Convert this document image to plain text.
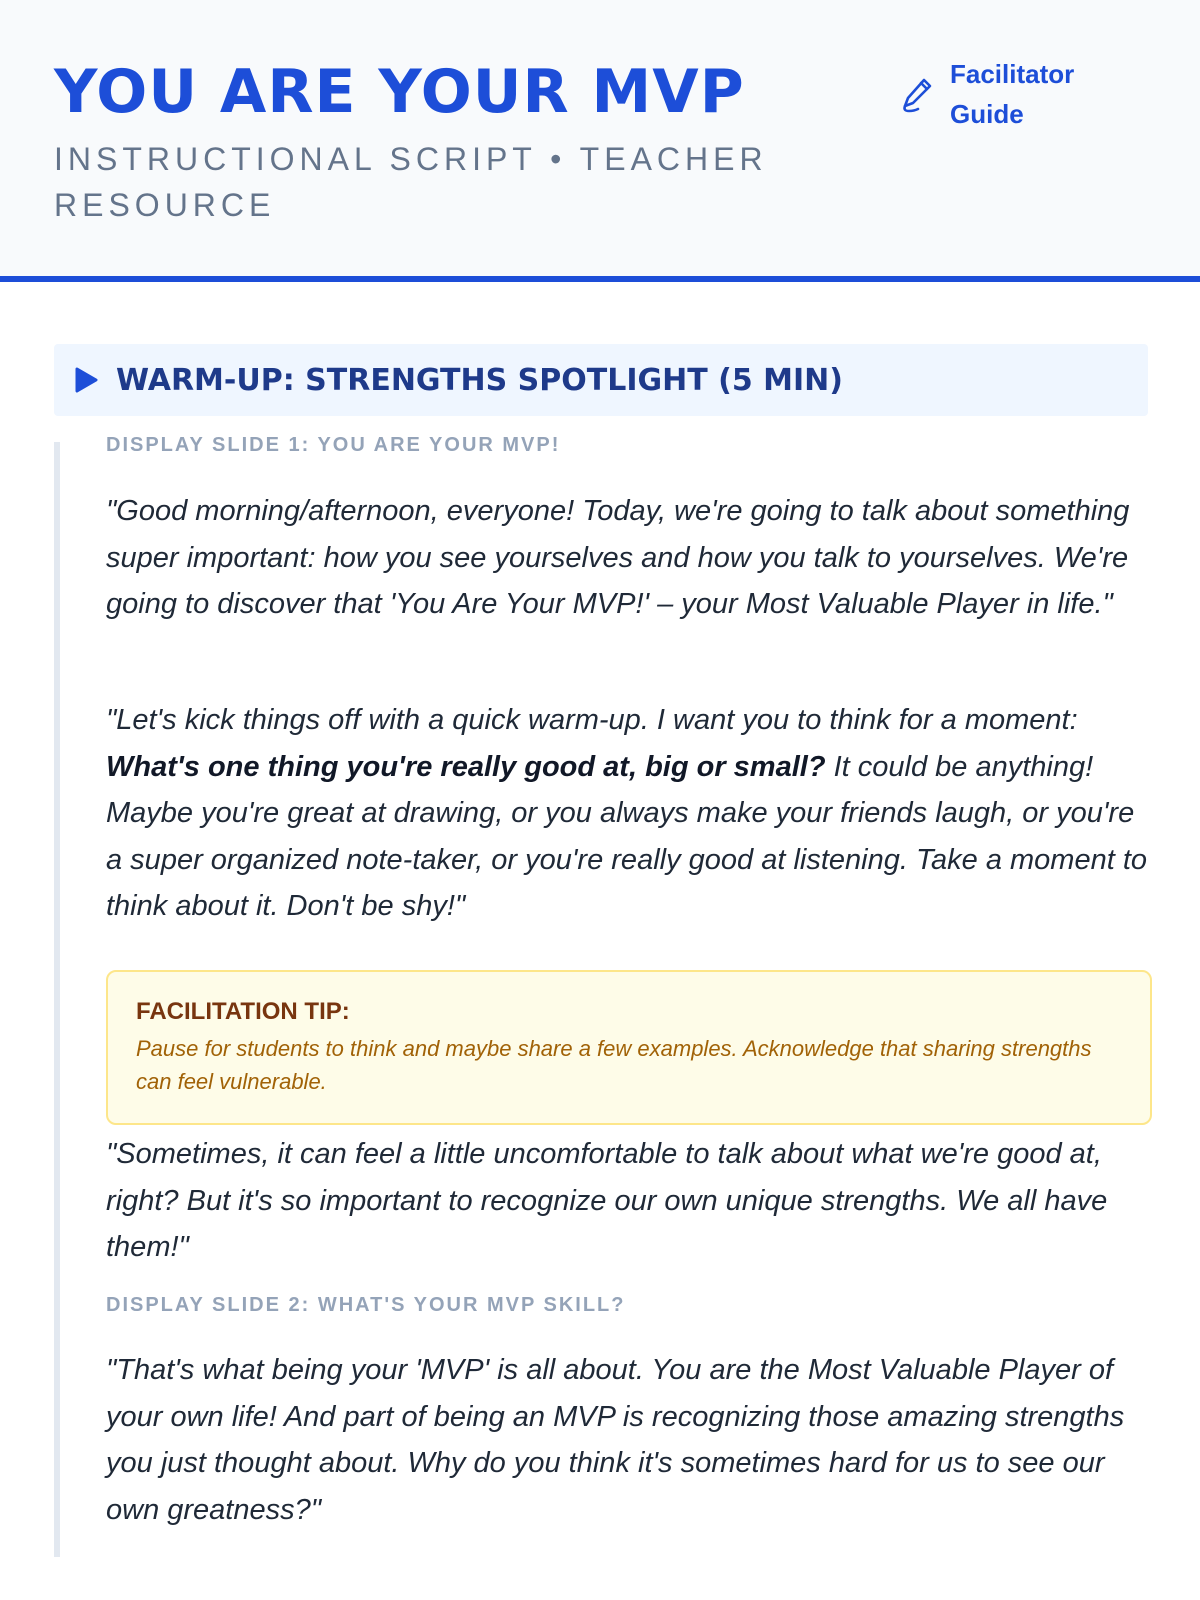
YOU ARE YOUR MVP

INSTRUCTIONAL SCRIPT • TEACHER RESOURCE

Facilitator Guide
WARM-UP: STRENGTHS SPOTLIGHT (5 MIN)

DISPLAY SLIDE 1: YOU ARE YOUR MVP!

"Good morning/afternoon, everyone! Today, we're going to talk about something super important: how you see yourselves and how you talk to yourselves. We're going to discover that 'You Are Your MVP!' – your Most Valuable Player in life."

"Let's kick things off with a quick warm-up. I want you to think for a moment: What's one thing you're really good at, big or small? It could be anything! Maybe you're great at drawing, or you always make your friends laugh, or you're a super organized note-taker, or you're really good at listening. Take a moment to think about it. Don't be shy!"

FACILITATION TIP:

Pause for students to think and maybe share a few examples. Acknowledge that sharing strengths can feel vulnerable.

"Sometimes, it can feel a little uncomfortable to talk about what we're good at, right? But it's so important to recognize our own unique strengths. We all have them!"

DISPLAY SLIDE 2: WHAT'S YOUR MVP SKILL?

"That's what being your 'MVP' is all about. You are the Most Valuable Player of your own life! And part of being an MVP is recognizing those amazing strengths you just thought about. Why do you think it's sometimes hard for us to see our own greatness?"
